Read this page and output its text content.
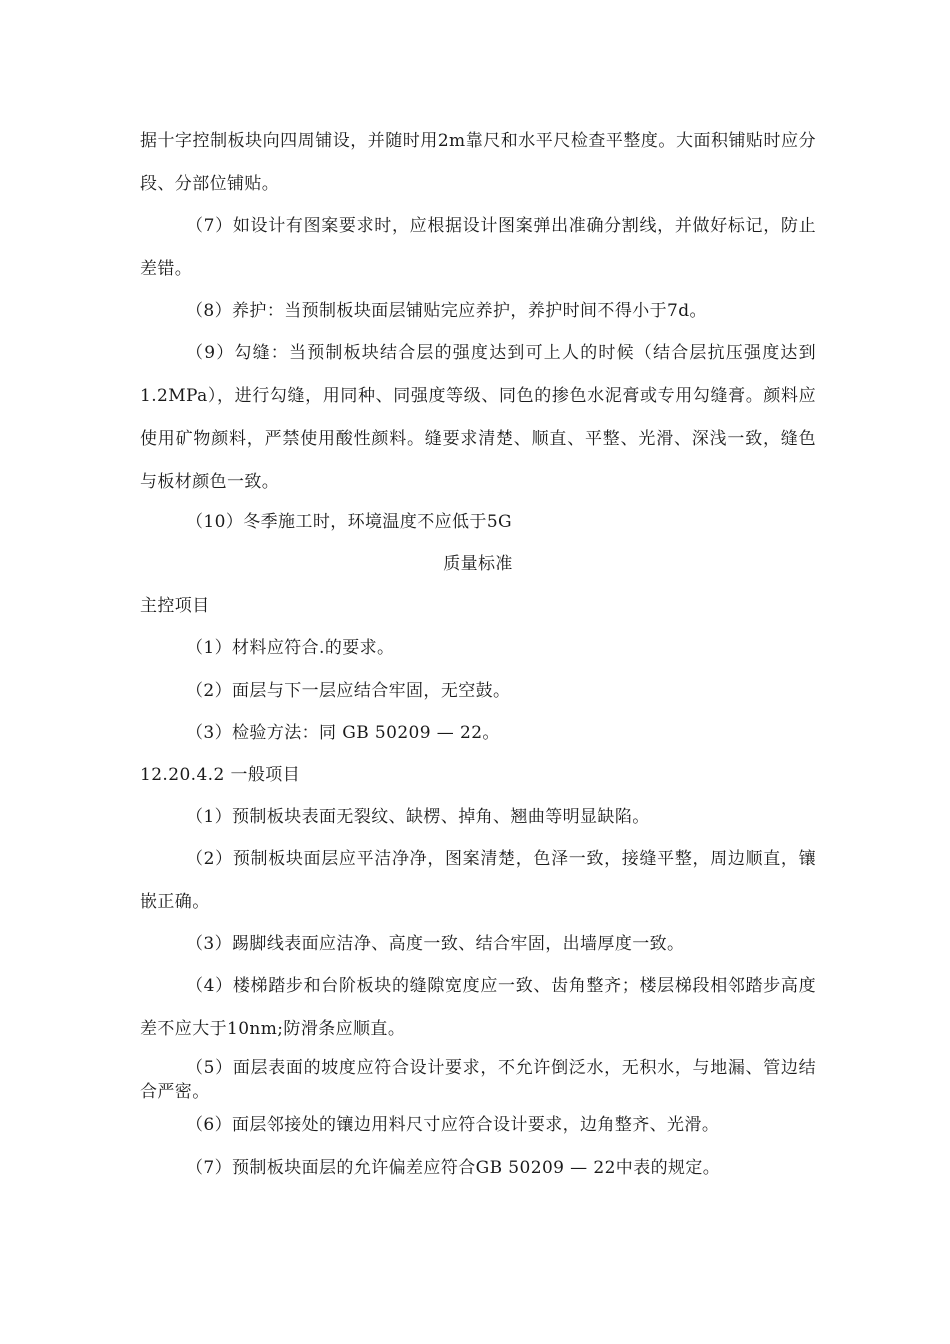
据十字控制板块向四周铺设，并随时用2m靠尺和水平尺检查平整度。大面积铺贴时应分段、分部位铺贴。
（7）如设计有图案要求时，应根据设计图案弹出准确分割线，并做好标记，防止差错。
（8）养护：当预制板块面层铺贴完应养护，养护时间不得小于7d。
（9）勾缝：当预制板块结合层的强度达到可上人的时候（结合层抗压强度达到1.2MPa），进行勾缝，用同种、同强度等级、同色的掺色水泥膏或专用勾缝膏。颜料应使用矿物颜料，严禁使用酸性颜料。缝要求清楚、顺直、平整、光滑、深浅一致，缝色与板材颜色一致。
（10）冬季施工时，环境温度不应低于5G
质量标准
主控项目
（1）材料应符合.的要求。
（2）面层与下一层应结合牢固，无空鼓。
（3）检验方法：同 GB 50209 — 22。
12.20.4.2 一般项目
（1）预制板块表面无裂纹、缺楞、掉角、翘曲等明显缺陷。
（2）预制板块面层应平洁净净，图案清楚，色泽一致，接缝平整，周边顺直，镶嵌正确。
（3）踢脚线表面应洁净、高度一致、结合牢固，出墙厚度一致。
（4）楼梯踏步和台阶板块的缝隙宽度应一致、齿角整齐；楼层梯段相邻踏步高度差不应大于10nm;防滑条应顺直。
（5）面层表面的坡度应符合设计要求，不允许倒泛水，无积水，与地漏、管边结合严密。
（6）面层邻接处的镶边用料尺寸应符合设计要求，边角整齐、光滑。
（7）预制板块面层的允许偏差应符合GB 50209 — 22中表的规定。
